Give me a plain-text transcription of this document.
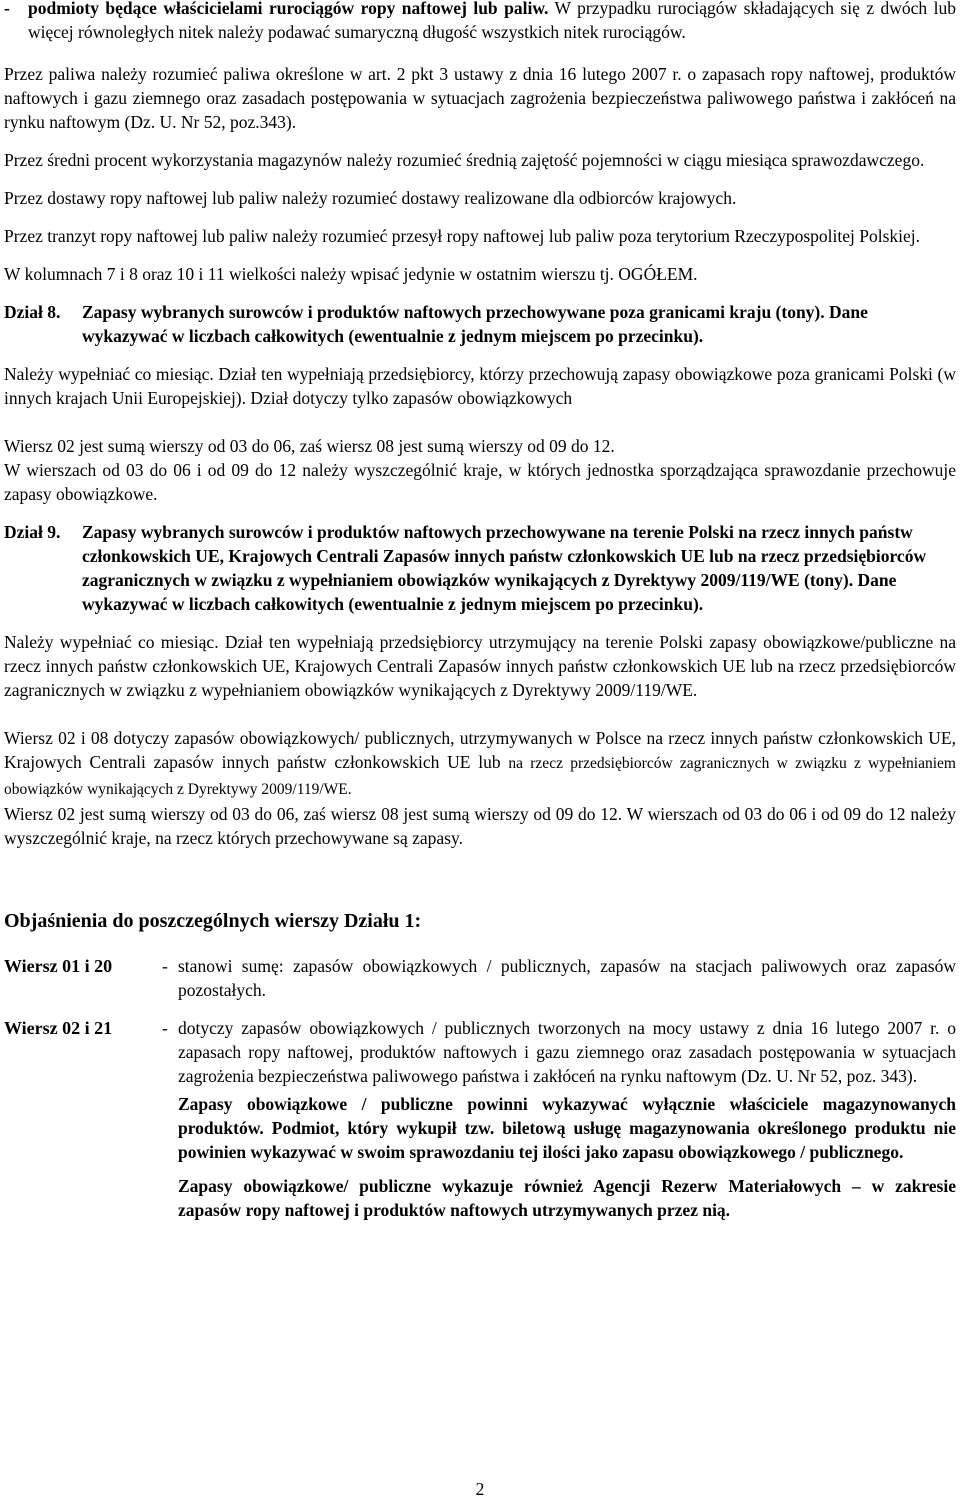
- podmioty będące właścicielami rurociągów ropy naftowej lub paliw. W przypadku rurociągów składających się z dwóch lub więcej równoległych nitek należy podawać sumaryczną długość wszystkich nitek rurociągów.

Przez paliwa należy rozumieć paliwa określone w art. 2 pkt 3 ustawy z dnia 16 lutego 2007 r. o zapasach ropy naftowej, produktów naftowych i gazu ziemnego oraz zasadach postępowania w sytuacjach zagrożenia bezpieczeństwa paliwowego państwa i zakłóceń na rynku naftowym (Dz. U. Nr 52, poz.343).

Przez średni procent wykorzystania magazynów należy rozumieć średnią zajętość pojemności w ciągu miesiąca sprawozdawczego.

Przez dostawy ropy naftowej lub paliw należy rozumieć dostawy realizowane dla odbiorców krajowych.

Przez tranzyt ropy naftowej lub paliw należy rozumieć przesył ropy naftowej lub paliw poza terytorium Rzeczypospolitej Polskiej.

W kolumnach 7 i 8 oraz 10 i 11 wielkości należy wpisać jedynie w ostatnim wierszu tj. OGÓŁEM.

Dział 8.	Zapasy wybranych surowców i produktów naftowych przechowywane poza granicami kraju (tony). Dane wykazywać w liczbach całkowitych (ewentualnie z jednym miejscem po przecinku).

Należy wypełniać co miesiąc. Dział ten wypełniają przedsiębiorcy, którzy przechowują zapasy obowiązkowe poza granicami Polski (w innych krajach Unii Europejskiej). Dział dotyczy tylko zapasów obowiązkowych

Wiersz 02 jest sumą wierszy od 03 do 06, zaś wiersz 08 jest sumą wierszy od 09 do 12.

W wierszach od 03 do 06 i od 09 do 12 należy wyszczególnić kraje, w których jednostka sporządzająca sprawozdanie przechowuje zapasy obowiązkowe.

Dział 9.	Zapasy wybranych surowców i produktów naftowych przechowywane na terenie Polski na rzecz innych państw członkowskich UE, Krajowych Centrali Zapasów innych państw członkowskich UE lub na rzecz przedsiębiorców zagranicznych w związku z wypełnianiem obowiązków wynikających z Dyrektywy 2009/119/WE (tony). Dane wykazywać w liczbach całkowitych (ewentualnie z jednym miejscem po przecinku).

Należy wypełniać co miesiąc. Dział ten wypełniają przedsiębiorcy utrzymujący na terenie Polski zapasy obowiązkowe/publiczne na rzecz innych państw członkowskich UE, Krajowych Centrali Zapasów innych państw członkowskich UE lub na rzecz przedsiębiorców zagranicznych w związku z wypełnianiem obowiązków wynikających z Dyrektywy 2009/119/WE.

Wiersz 02 i 08 dotyczy zapasów obowiązkowych/ publicznych, utrzymywanych w Polsce na rzecz innych państw członkowskich UE, Krajowych Centrali zapasów innych państw członkowskich UE lub na rzecz przedsiębiorców zagranicznych w związku z wypełnianiem obowiązków wynikających z Dyrektywy 2009/119/WE.

Wiersz 02 jest sumą wierszy od 03 do 06, zaś wiersz 08 jest sumą wierszy od 09 do 12. W wierszach od 03 do 06 i od 09 do 12 należy wyszczególnić kraje, na rzecz których przechowywane są zapasy.

Objaśnienia do poszczególnych wierszy Działu 1:

Wiersz 01 i 20	- stanowi sumę: zapasów obowiązkowych / publicznych, zapasów na stacjach paliwowych oraz zapasów pozostałych.

Wiersz 02 i 21	- dotyczy zapasów obowiązkowych / publicznych tworzonych na mocy ustawy z dnia 16 lutego 2007 r. o zapasach ropy naftowej, produktów naftowych i gazu ziemnego oraz zasadach postępowania w sytuacjach zagrożenia bezpieczeństwa paliwowego państwa i zakłóceń na rynku naftowym (Dz. U. Nr 52, poz. 343).

Zapasy obowiązkowe / publiczne powinni wykazywać wyłącznie właściciele magazynowanych produktów. Podmiot, który wykupił tzw. biletową usługę magazynowania określonego produktu nie powinien wykazywać w swoim sprawozdaniu tej ilości jako zapasu obowiązkowego / publicznego.

Zapasy obowiązkowe/ publiczne wykazuje również Agencji Rezerw Materiałowych – w zakresie zapasów ropy naftowej i produktów naftowych utrzymywanych przez nią.

2
